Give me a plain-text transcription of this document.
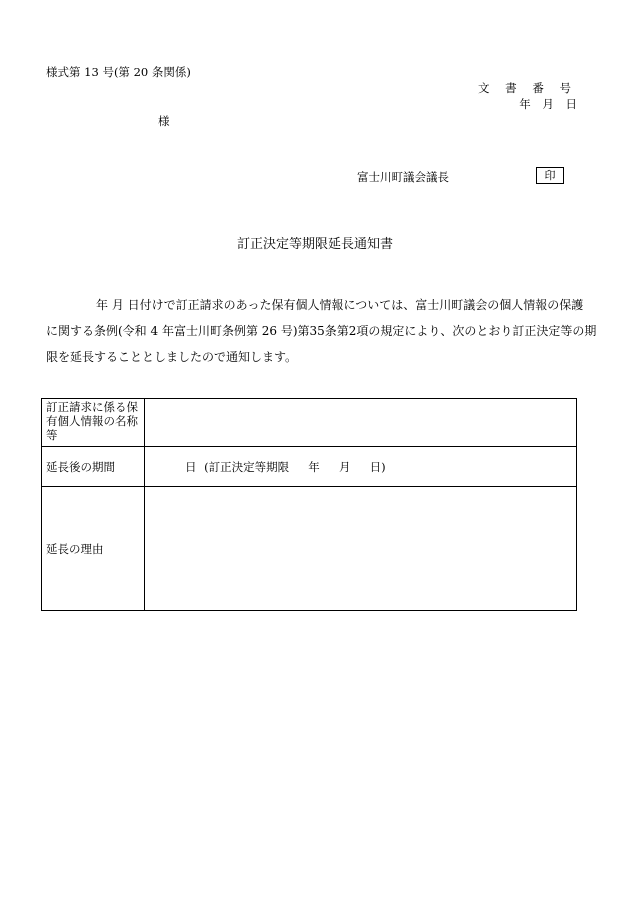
様式第 13 号(第 20 条関係)
文 書 番 号
年 月 日
様
富士川町議会議長	印
訂正決定等期限延長通知書
年 月 日付けで訂正請求のあった保有個人情報については、富士川町議会の個人情報の保護
に関する条例(令和 4 年富士川町条例第 26 号)第35条第2項の規定により、次のとおり訂正決定等の期
限を延長することとしましたので通知します。
訂正請求に係る保有個人情報の名称等	
延長後の期間	日 (訂正決定等期限　 年　 月　 日)
延長の理由	
